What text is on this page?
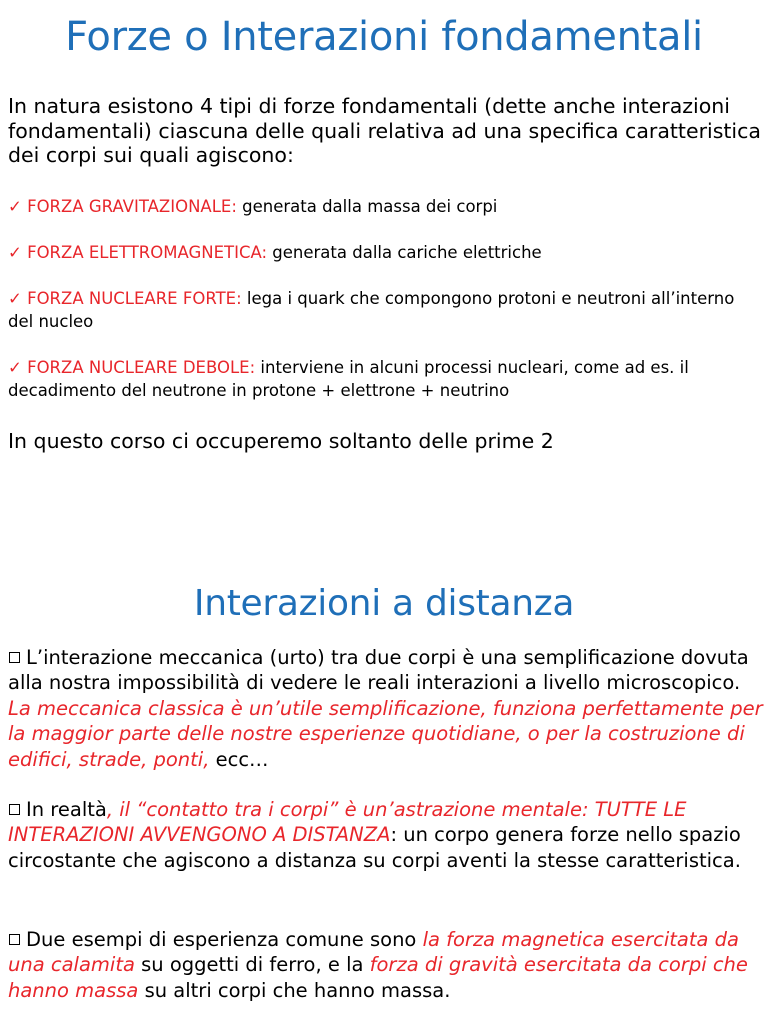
Forze o Interazioni fondamentali

In natura esistono 4 tipi di forze fondamentali (dette anche interazioni fondamentali) ciascuna delle quali relativa ad una specifica caratteristica dei corpi sui quali agiscono:

✓ FORZA GRAVITAZIONALE: generata dalla massa dei corpi

✓ FORZA ELETTROMAGNETICA: generata dalla cariche elettriche

✓ FORZA NUCLEARE FORTE: lega i quark che compongono protoni e neutroni all’interno del nucleo

✓ FORZA NUCLEARE DEBOLE: interviene in alcuni processi nucleari, come ad es. il decadimento del neutrone in protone + elettrone + neutrino

In questo corso ci occuperemo soltanto delle prime 2

Interazioni a distanza

L’interazione meccanica (urto) tra due corpi è una semplificazione dovuta alla nostra impossibilità di vedere le reali interazioni a livello microscopico. La meccanica classica è un’utile semplificazione, funziona perfettamente per la maggior parte delle nostre esperienze quotidiane, o per la costruzione di edifici, strade, ponti, ecc…

In realtà, il “contatto tra i corpi” è un’astrazione mentale: TUTTE LE INTERAZIONI AVVENGONO A DISTANZA: un corpo genera forze nello spazio circostante che agiscono a distanza su corpi aventi la stesse caratteristica.

Due esempi di esperienza comune sono la forza magnetica esercitata da una calamita su oggetti di ferro, e la forza di gravità esercitata da corpi che hanno massa su altri corpi che hanno massa.
